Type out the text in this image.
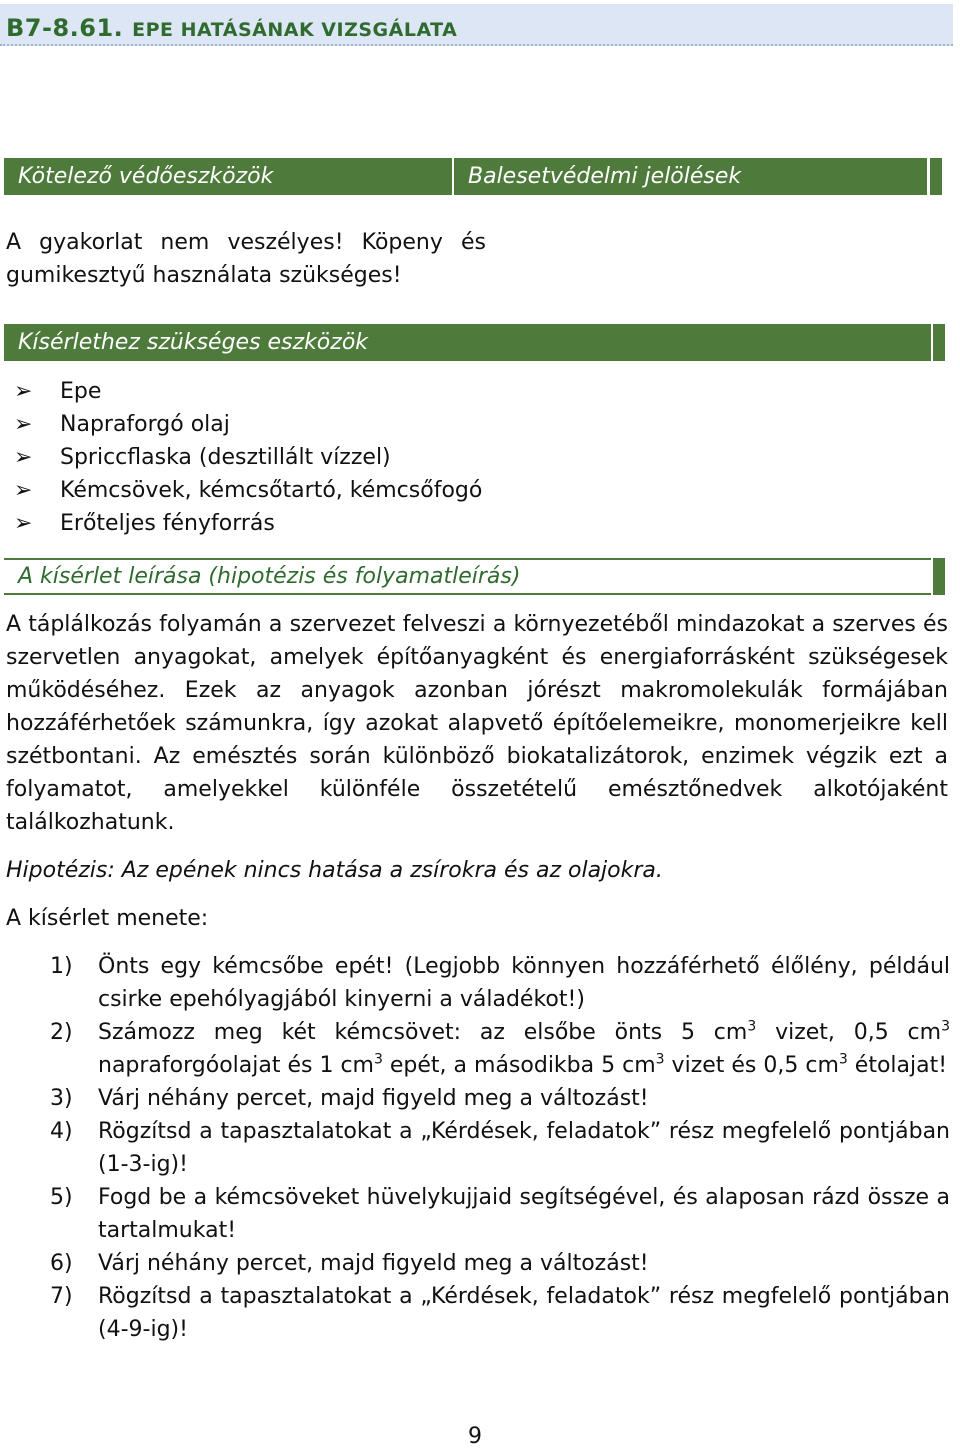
B7-8.61. EPE HATÁSÁNAK VIZSGÁLATA
Kötelező védőeszközök	Balesetvédelmi jelölések
A gyakorlat nem veszélyes! Köpeny és
gumikesztyű használata szükséges!
Kísérlethez szükséges eszközök
➢ Epe
➢ Napraforgó olaj
➢ Spriccflaska (desztillált vízzel)
➢ Kémcsövek, kémcsőtartó, kémcsőfogó
➢ Erőteljes fényforrás
A kísérlet leírása (hipotézis és folyamatleírás)
A táplálkozás folyamán a szervezet felveszi a környezetéből mindazokat a szerves és szervetlen anyagokat, amelyek építőanyagként és energiaforrásként szükségesek működéséhez. Ezek az anyagok azonban jórészt makromolekulák formájában hozzáférhetőek számunkra, így azokat alapvető építőelemeikre, monomerjeikre kell szétbontani. Az emésztés során különböző biokatalizátorok, enzimek végzik ezt a folyamatot, amelyekkel különféle összetételű emésztőnedvek alkotójaként találkozhatunk.
Hipotézis: Az epének nincs hatása a zsírokra és az olajokra.
A kísérlet menete:
1)	Önts egy kémcsőbe epét! (Legjobb könnyen hozzáférhető élőlény, például csirke epehólyagjából kinyerni a váladékot!)
2)	Számozz meg két kémcsövet: az elsőbe önts 5 $cm^3$ vizet, 0,5 $cm^3$ napraforgóolajat és 1 $cm^3$ epét, a másodikba 5 $cm^3$ vizet és 0,5 $cm^3$ étolajat!
3)	Várj néhány percet, majd figyeld meg a változást!
4)	Rögzítsd a tapasztalatokat a „Kérdések, feladatok” rész megfelelő pontjában (1-3-ig)!
5)	Fogd be a kémcsöveket hüvelykujjaid segítségével, és alaposan rázd össze a tartalmukat!
6)	Várj néhány percet, majd figyeld meg a változást!
7)	Rögzítsd a tapasztalatokat a „Kérdések, feladatok” rész megfelelő pontjában (4-9-ig)!
9
